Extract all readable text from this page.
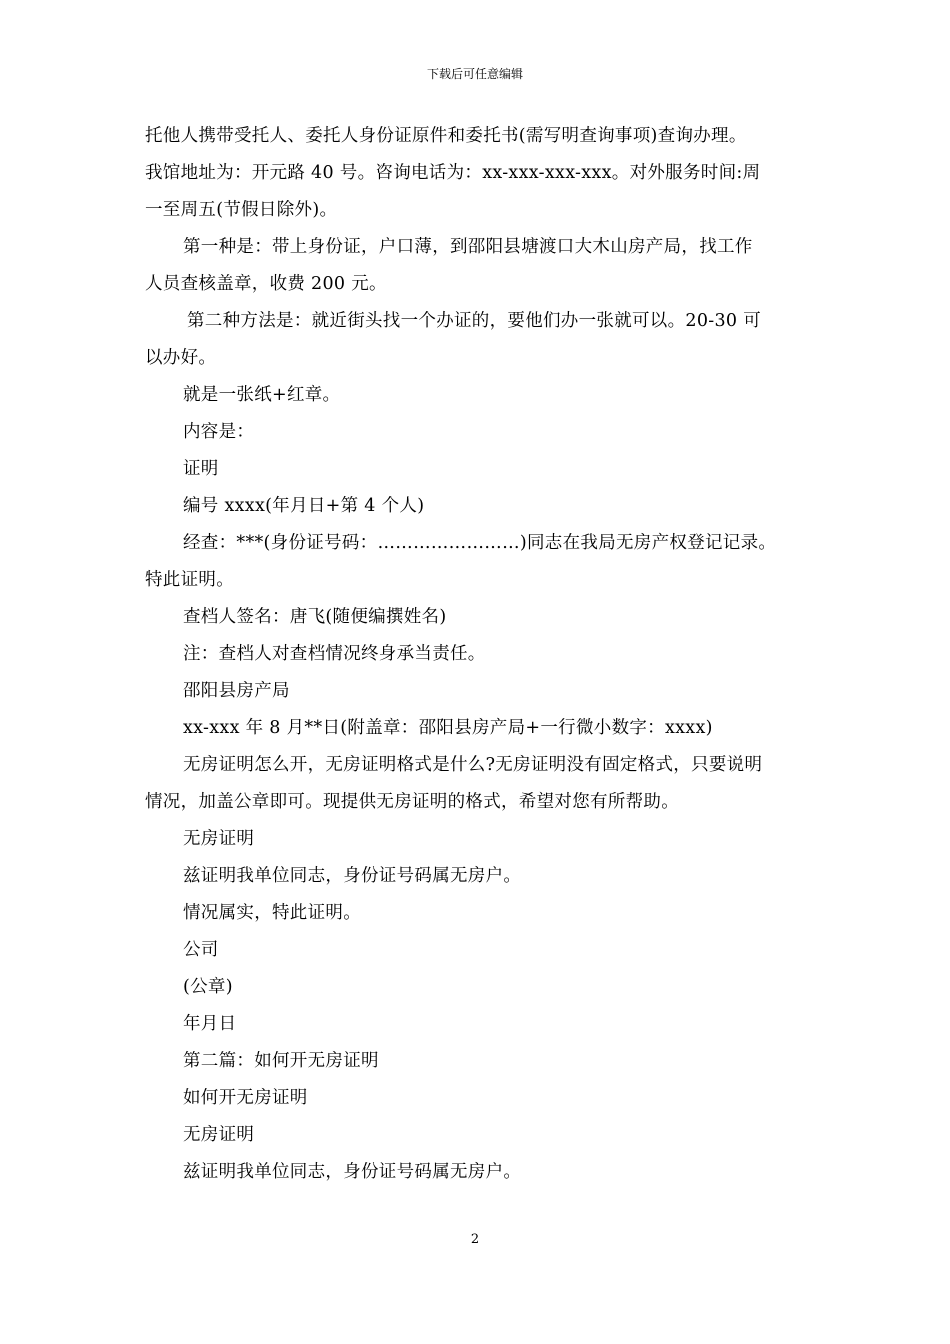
下载后可任意编辑

托他人携带受托人、委托人身份证原件和委托书(需写明查询事项)查询办理。

我馆地址为：开元路 40 号。咨询电话为：xx-xxx-xxx-xxx。对外服务时间:周

一至周五(节假日除外)。

第一种是：带上身份证，户口薄，到邵阳县塘渡口大木山房产局，找工作

人员查核盖章，收费 200 元。

第二种方法是：就近街头找一个办证的，要他们办一张就可以。20-30 可

以办好。

就是一张纸+红章。

内容是：

证明

编号 xxxx(年月日+第 4 个人)

经查：***(身份证号码：……………………)同志在我局无房产权登记记录。

特此证明。

查档人签名：唐飞(随便编撰姓名)

注：查档人对查档情况终身承当责任。

邵阳县房产局

xx-xxx 年 8 月**日(附盖章：邵阳县房产局+一行微小数字：xxxx)

无房证明怎么开，无房证明格式是什么?无房证明没有固定格式，只要说明

情况，加盖公章即可。现提供无房证明的格式，希望对您有所帮助。

无房证明

兹证明我单位同志，身份证号码属无房户。

情况属实，特此证明。

公司

(公章)

年月日

第二篇：如何开无房证明

如何开无房证明

无房证明

兹证明我单位同志，身份证号码属无房户。

2
